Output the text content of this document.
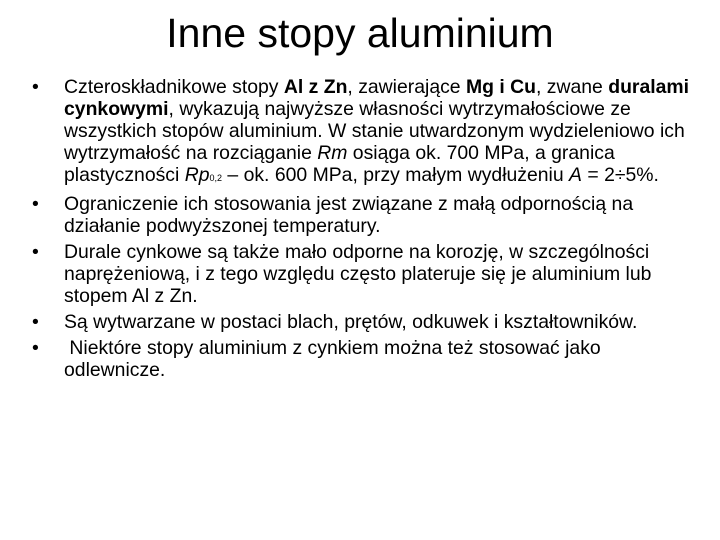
Inne stopy aluminium
• Czteroskładnikowe stopy Al z Zn, zawierające Mg i Cu, zwane duralami cynkowymi, wykazują najwyższe własności wytrzymałościowe ze wszystkich stopów aluminium. W stanie utwardzonym wydzieleniowo ich wytrzymałość na rozciąganie Rm osiąga ok. 700 MPa, a granica plastyczności Rp0,2 – ok. 600 MPa, przy małym wydłużeniu A = 2÷5%.
• Ograniczenie ich stosowania jest związane z małą odpornością na działanie podwyższonej temperatury.
• Durale cynkowe są także mało odporne na korozję, w szczególności naprężeniową, i z tego względu często plateruje się je aluminium lub stopem Al z Zn.
• Są wytwarzane w postaci blach, prętów, odkuwek i kształtowników.
• Niektóre stopy aluminium z cynkiem można też stosować jako odlewnicze.
